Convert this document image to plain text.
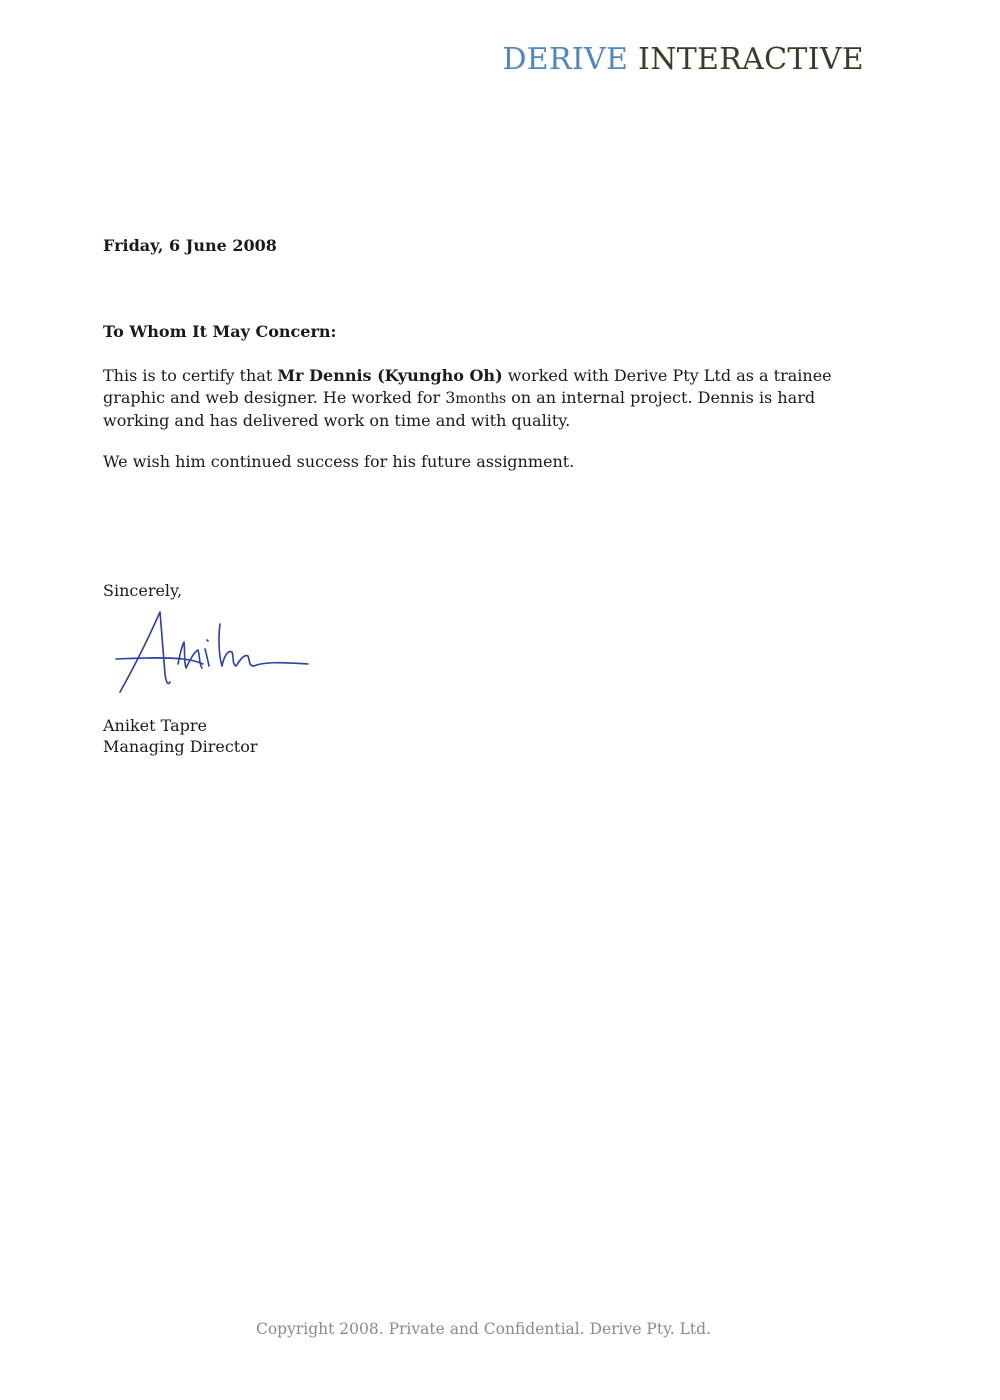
DERIVE INTERACTIVE
Friday, 6 June 2008
To Whom It May Concern:

This is to certify that Mr Dennis (Kyungho Oh) worked with Derive Pty Ltd as a trainee graphic and web designer. He worked for 3months on an internal project. Dennis is hard working and has delivered work on time and with quality.

We wish him continued success for his future assignment.
Sincerely,
Aniket Tapre
Managing Director
Copyright 2008. Private and Confidential. Derive Pty. Ltd.
